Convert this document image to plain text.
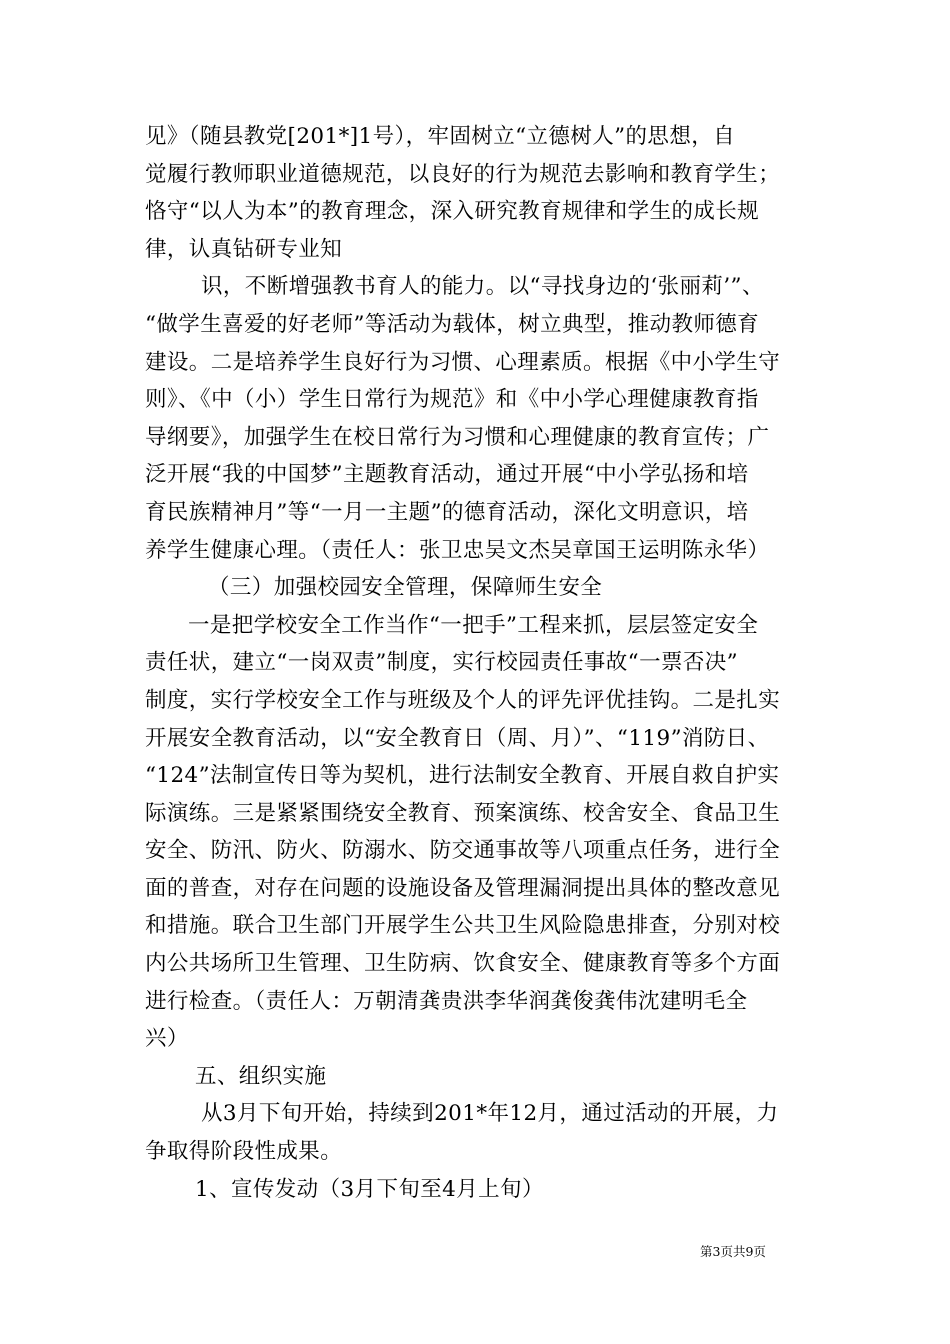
见》（随县教党[201*]1号），牢固树立“立德树人”的思想，自
觉履行教师职业道德规范，以良好的行为规范去影响和教育学生；
恪守“以人为本”的教育理念，深入研究教育规律和学生的成长规
律，认真钻研专业知
识，不断增强教书育人的能力。以“寻找身边的‘张丽莉’”、
“做学生喜爱的好老师”等活动为载体，树立典型，推动教师德育
建设。二是培养学生良好行为习惯、心理素质。根据《中小学生守
则》、《中（小）学生日常行为规范》和《中小学心理健康教育指
导纲要》，加强学生在校日常行为习惯和心理健康的教育宣传；广
泛开展“我的中国梦”主题教育活动，通过开展“中小学弘扬和培
育民族精神月”等“一月一主题”的德育活动，深化文明意识，培
养学生健康心理。（责任人：张卫忠吴文杰吴章国王运明陈永华）
（三）加强校园安全管理，保障师生安全
一是把学校安全工作当作“一把手”工程来抓，层层签定安全
责任状，建立“一岗双责”制度，实行校园责任事故“一票否决”
制度，实行学校安全工作与班级及个人的评先评优挂钩。二是扎实
开展安全教育活动，以“安全教育日（周、月）”、“119”消防日、
“124”法制宣传日等为契机，进行法制安全教育、开展自救自护实
际演练。三是紧紧围绕安全教育、预案演练、校舍安全、食品卫生
安全、防汛、防火、防溺水、防交通事故等八项重点任务，进行全
面的普查，对存在问题的设施设备及管理漏洞提出具体的整改意见
和措施。联合卫生部门开展学生公共卫生风险隐患排查，分别对校
内公共场所卫生管理、卫生防病、饮食安全、健康教育等多个方面
进行检查。（责任人：万朝清龚贵洪李华润龚俊龚伟沈建明毛全
兴）
五、组织实施
从3月下旬开始，持续到201*年12月，通过活动的开展，力
争取得阶段性成果。
1、宣传发动（3月下旬至4月上旬）
第3页共9页
